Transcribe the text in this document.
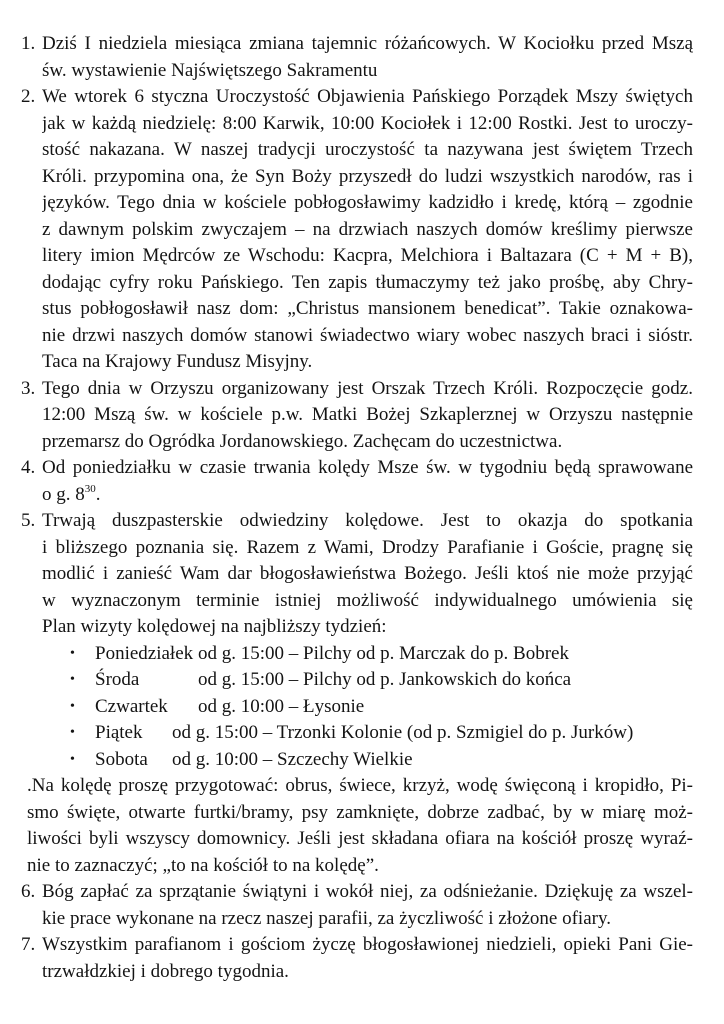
1. Dziś I niedziela miesiąca zmiana tajemnic różańcowych. W Kociołku przed Mszą
św. wystawienie Najświętszego Sakramentu
2. We wtorek 6 styczna Uroczystość Objawienia Pańskiego Porządek Mszy świętych
jak w każdą niedzielę: 8:00 Karwik, 10:00 Kociołek i 12:00 Rostki. Jest to uroczy-
stość nakazana. W naszej tradycji uroczystość ta nazywana jest świętem Trzech
Króli. przypomina ona, że Syn Boży przyszedł do ludzi wszystkich narodów, ras i
języków. Tego dnia w kościele pobłogosławimy kadzidło i kredę, którą – zgodnie
z dawnym polskim zwyczajem – na drzwiach naszych domów kreślimy pierwsze
litery imion Mędrców ze Wschodu: Kacpra, Melchiora i Baltazara (C + M + B),
dodając cyfry roku Pańskiego. Ten zapis tłumaczymy też jako prośbę, aby Chry-
stus pobłogosławił nasz dom: „Christus mansionem benedicat”. Takie oznakowa-
nie drzwi naszych domów stanowi świadectwo wiary wobec naszych braci i sióstr.
Taca na Krajowy Fundusz Misyjny.
3. Tego dnia w Orzyszu organizowany jest Orszak Trzech Króli. Rozpoczęcie godz.
12:00 Mszą św. w kościele p.w. Matki Bożej Szkaplerznej w Orzyszu następnie
przemarsz do Ogródka Jordanowskiego. Zachęcam do uczestnictwa.
4. Od poniedziałku w czasie trwania kolędy Msze św. w tygodniu będą sprawowane
o g. $8^{30}$.
5. Trwają duszpasterskie odwiedziny kolędowe. Jest to okazja do spotkania
i bliższego poznania się. Razem z Wami, Drodzy Parafianie i Goście, pragnę się
modlić i zanieść Wam dar błogosławieństwa Bożego. Jeśli ktoś nie może przyjąć
w wyznaczonym terminie istniej możliwość indywidualnego umówienia się
Plan wizyty kolędowej na najbliższy tydzień:
• Poniedziałek od g. 15:00 – Pilchy od p. Marczak do p. Bobrek
• Środa	od g. 15:00 – Pilchy od p. Jankowskich do końca
• Czwartek od g. 10:00 – Łysonie
• Piątek od g. 15:00 – Trzonki Kolonie (od p. Szmigiel do p. Jurków)
• Sobota od g. 10:00 – Szczechy Wielkie
.Na kolędę proszę przygotować: obrus, świece, krzyż, wodę święconą i kropidło, Pi-
smo święte, otwarte furtki/bramy, psy zamknięte, dobrze zadbać, by w miarę moż-
liwości byli wszyscy domownicy. Jeśli jest składana ofiara na kościół proszę wyraź-
nie to zaznaczyć; „to na kościół to na kolędę”.
6. Bóg zapłać za sprzątanie świątyni i wokół niej, za odśnieżanie. Dziękuję za wszel-
kie prace wykonane na rzecz naszej parafii, za życzliwość i złożone ofiary.
7. Wszystkim parafianom i gościom życzę błogosławionej niedzieli, opieki Pani Gie-
trzwałdzkiej i dobrego tygodnia.
